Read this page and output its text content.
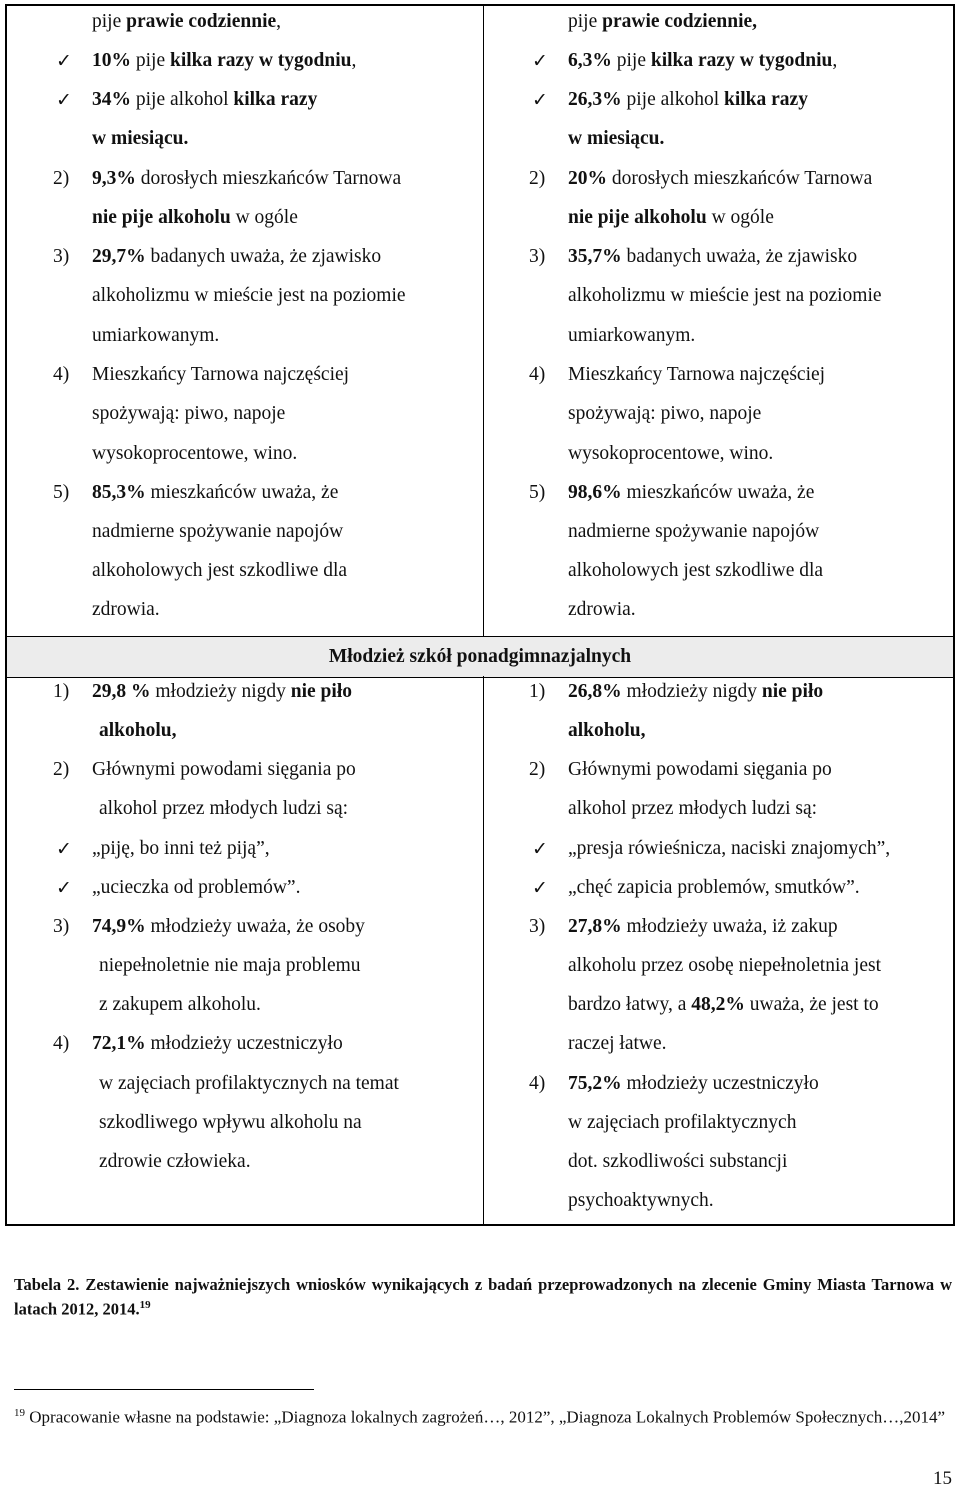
Młodzież szkół ponadgimnazjalnych
pije prawie codziennie,
✓ 10% pije kilka razy w tygodniu,
✓ 34% pije alkohol kilka razy
w miesiącu.
2) 9,3% dorosłych mieszkańców Tarnowa
nie pije alkoholu w ogóle
3) 29,7% badanych uważa, że zjawisko
alkoholizmu w mieście jest na poziomie
umiarkowanym.
4) Mieszkańcy Tarnowa najczęściej
spożywają: piwo, napoje
wysokoprocentowe, wino.
5) 85,3% mieszkańców uważa, że
nadmierne spożywanie napojów
alkoholowych jest szkodliwe dla
zdrowia.
pije prawie codziennie,
✓ 6,3% pije kilka razy w tygodniu,
✓ 26,3% pije alkohol kilka razy
w miesiącu.
2) 20% dorosłych mieszkańców Tarnowa
nie pije alkoholu w ogóle
3) 35,7% badanych uważa, że zjawisko
alkoholizmu w mieście jest na poziomie
umiarkowanym.
4) Mieszkańcy Tarnowa najczęściej
spożywają: piwo, napoje
wysokoprocentowe, wino.
5) 98,6% mieszkańców uważa, że
nadmierne spożywanie napojów
alkoholowych jest szkodliwe dla
zdrowia.
1) 29,8 % młodzieży nigdy nie piło
alkoholu,
2) Głównymi powodami sięgania po
alkohol przez młodych ludzi są:
✓ „piję, bo inni też piją”,
✓ „ucieczka od problemów”.
3) 74,9% młodzieży uważa, że osoby
niepełnoletnie nie maja problemu
z zakupem alkoholu.
4) 72,1% młodzieży uczestniczyło
w zajęciach profilaktycznych na temat
szkodliwego wpływu alkoholu na
zdrowie człowieka.
1) 26,8% młodzieży nigdy nie piło
alkoholu,
2) Głównymi powodami sięgania po
alkohol przez młodych ludzi są:
✓ „presja rówieśnicza, naciski znajomych”,
✓ „chęć zapicia problemów, smutków”.
3) 27,8% młodzieży uważa, iż zakup
alkoholu przez osobę niepełnoletnia jest
bardzo łatwy, a 48,2% uważa, że jest to
raczej łatwe.
4) 75,2% młodzieży uczestniczyło
w zajęciach profilaktycznych
dot. szkodliwości substancji
psychoaktywnych.
Tabela 2. Zestawienie najważniejszych wniosków wynikających z badań przeprowadzonych na zlecenie Gminy Miasta Tarnowa w latach 2012, 2014.19
$^{19}$ Opracowanie własne na podstawie: „Diagnoza lokalnych zagrożeń…, 2012”, „Diagnoza Lokalnych Problemów Społecznych…,2014”
15
